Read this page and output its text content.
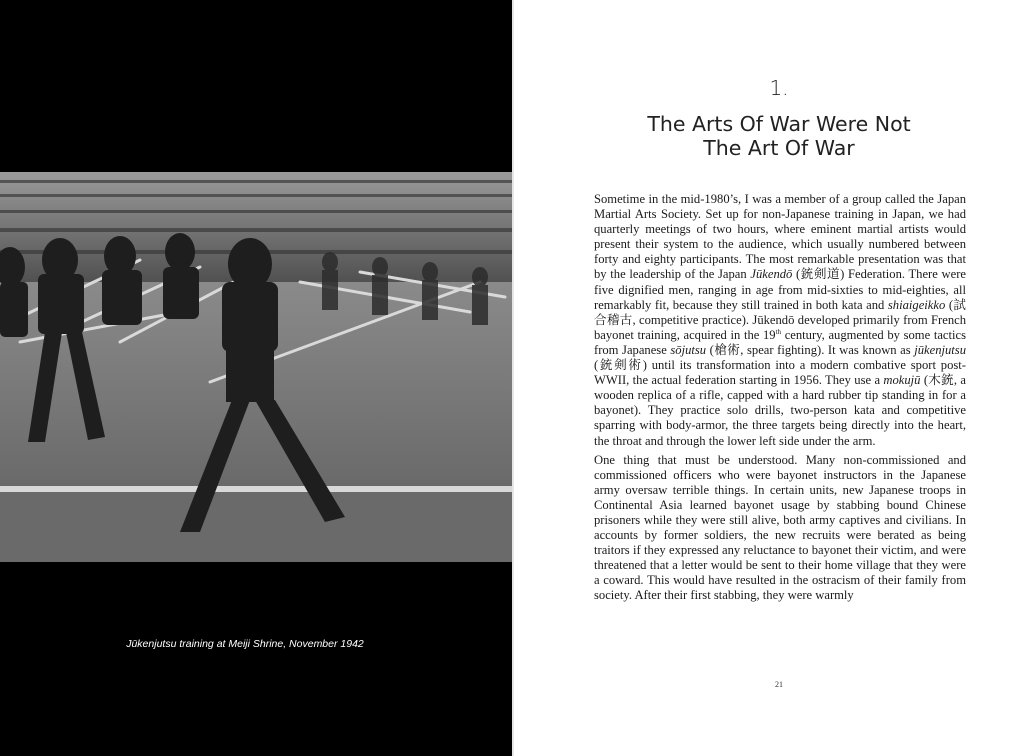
Jūkenjutsu training at Meiji Shrine, November 1942
1.
The Arts Of War Were Not
The Art Of War

Sometime in the mid-1980’s, I was a member of a group called the Japan Martial Arts Society. Set up for non-Japanese training in Japan, we had quarterly meetings of two hours, where eminent martial artists would present their system to the audience, which usually numbered between forty and eighty participants. The most remarkable presentation was that by the leadership of the Japan Jūkendō (銃剣道) Federation. There were five dignified men, ranging in age from mid-sixties to mid-eighties, all remarkably fit, because they still trained in both kata and shiaigeikko (試合稽古, competitive practice). Jūkendō developed primarily from French bayonet training, acquired in the 19th century, augmented by some tactics from Japanese sōjutsu (槍術, spear fighting). It was known as jūkenjutsu (銃剣術) until its transformation into a modern combative sport post-WWII, the actual federation starting in 1956. They use a mokujū (木銃, a wooden replica of a rifle, capped with a hard rubber tip standing in for a bayonet). They practice solo drills, two-person kata and competitive sparring with body-armor, the three targets being directly into the heart, the throat and through the lower left side under the arm.

One thing that must be understood. Many non-commissioned and commissioned officers who were bayonet instructors in the Japanese army oversaw terrible things. In certain units, new Japanese troops in Continental Asia learned bayonet usage by stabbing bound Chinese prisoners while they were still alive, both army captives and civilians. In accounts by former soldiers, the new recruits were berated as being traitors if they expressed any reluctance to bayonet their victim, and were threatened that a letter would be sent to their home village that they were a coward. This would have resulted in the ostracism of their family from society. After their first stabbing, they were warmly

21
